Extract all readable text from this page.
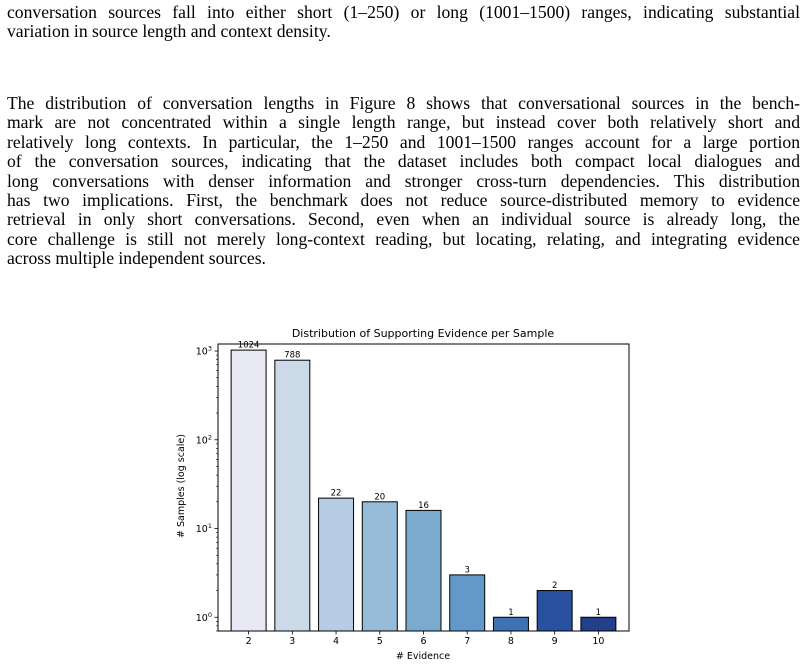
conversation sources fall into either short (1–250) or long (1001–1500) ranges, indicating substantial
variation in source length and context density.
The distribution of conversation lengths in Figure 8 shows that conversational sources in the bench-
mark are not concentrated within a single length range, but instead cover both relatively short and
relatively long contexts. In particular, the 1–250 and 1001–1500 ranges account for a large portion
of the conversation sources, indicating that the dataset includes both compact local dialogues and
long conversations with denser information and stronger cross-turn dependencies. This distribution
has two implications. First, the benchmark does not reduce source-distributed memory to evidence
retrieval in only short conversations. Second, even when an individual source is already long, the
core challenge is still not merely long-context reading, but locating, relating, and integrating evidence
across multiple independent sources.
Distribution of Supporting Evidence per Sample
# Evidence
# Samples (log scale)
1024
788
22	20
16
3
1
2
1
$10^0$
$10^1$
$10^2$
$10^3$
2	3	4	5	6	7	8	9	10
